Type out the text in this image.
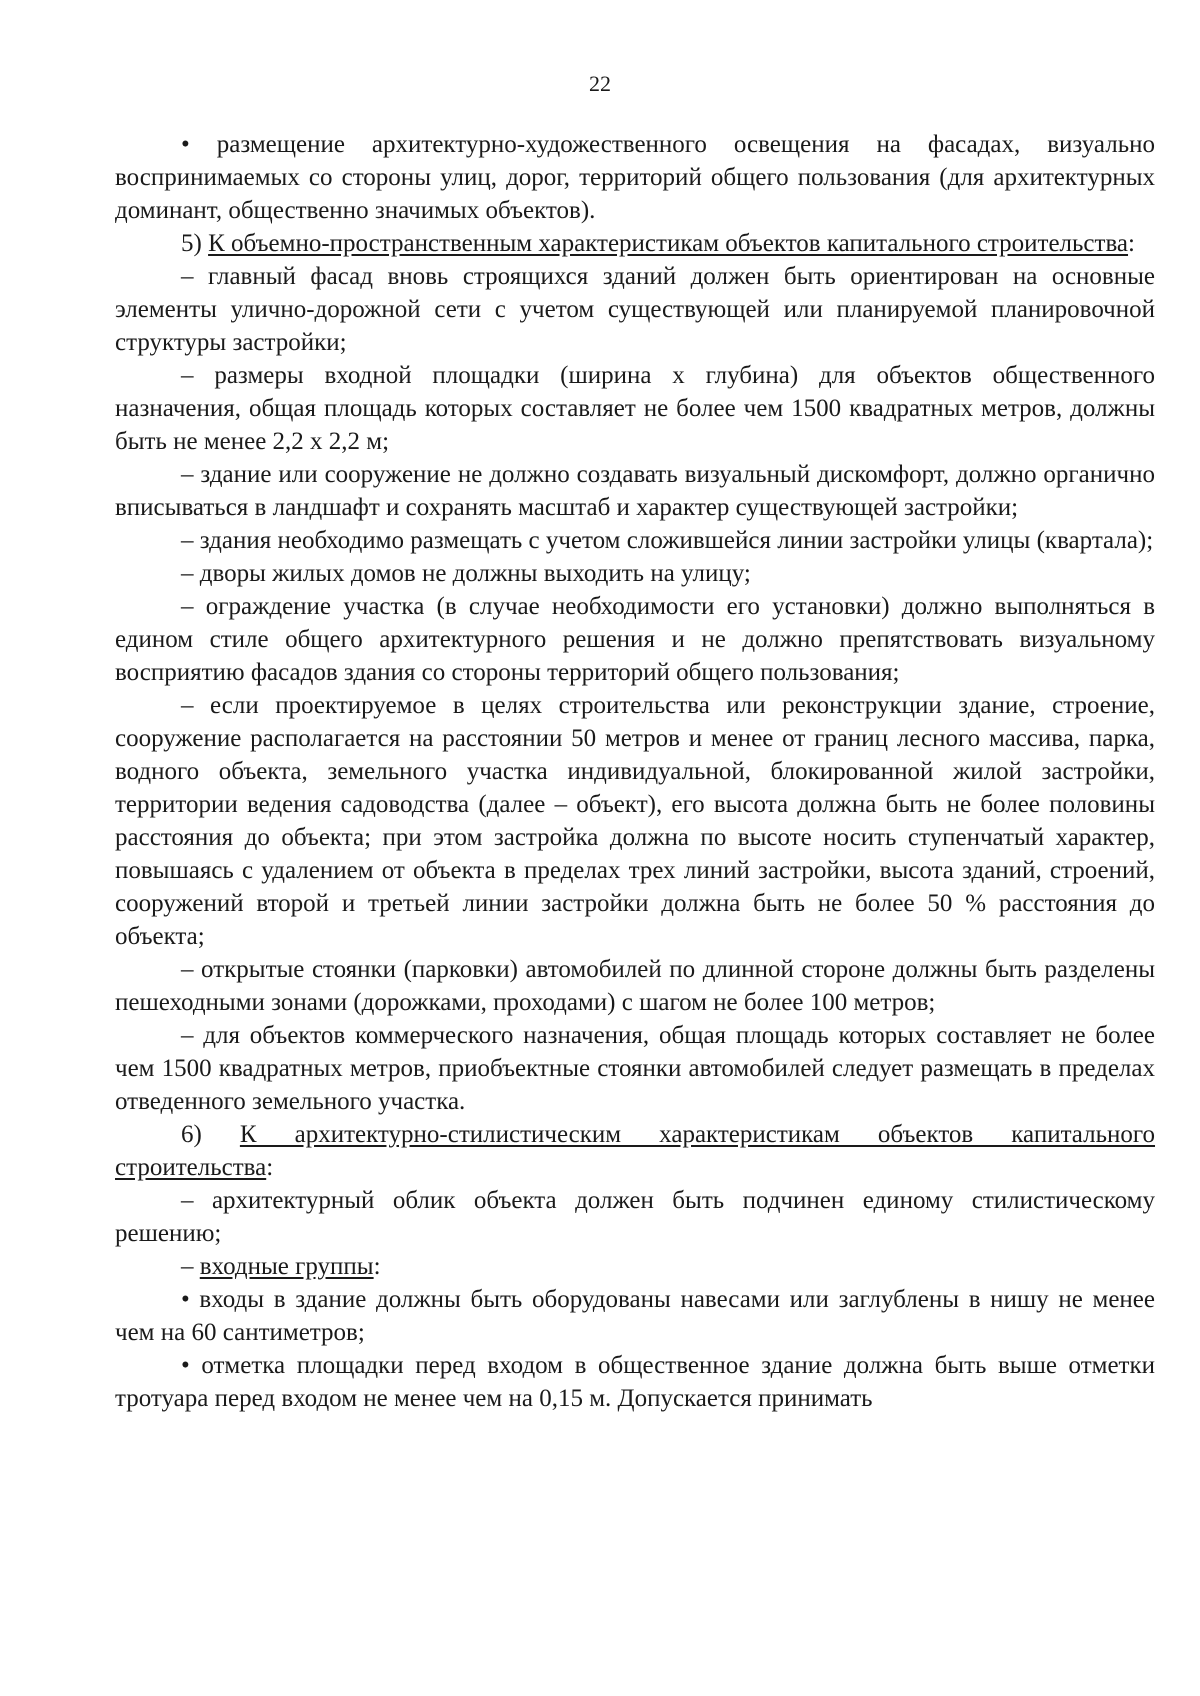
22

• размещение архитектурно-художественного освещения на фасадах, визуально воспринимаемых со стороны улиц, дорог, территорий общего пользования (для архитектурных доминант, общественно значимых объектов).

5) К объемно-пространственным характеристикам объектов капитального строительства:

– главный фасад вновь строящихся зданий должен быть ориентирован на основные элементы улично-дорожной сети с учетом существующей или планируемой планировочной структуры застройки;

– размеры входной площадки (ширина х глубина) для объектов общественного назначения, общая площадь которых составляет не более чем 1500 квадратных метров, должны быть не менее 2,2 х 2,2 м;

– здание или сооружение не должно создавать визуальный дискомфорт, должно органично вписываться в ландшафт и сохранять масштаб и характер существующей застройки;

– здания необходимо размещать с учетом сложившейся линии застройки улицы (квартала);

– дворы жилых домов не должны выходить на улицу;

– ограждение участка (в случае необходимости его установки) должно выполняться в едином стиле общего архитектурного решения и не должно препятствовать визуальному восприятию фасадов здания со стороны территорий общего пользования;

– если проектируемое в целях строительства или реконструкции здание, строение, сооружение располагается на расстоянии 50 метров и менее от границ лесного массива, парка, водного объекта, земельного участка индивидуальной, блокированной жилой застройки, территории ведения садоводства (далее – объект), его высота должна быть не более половины расстояния до объекта; при этом застройка должна по высоте носить ступенчатый характер, повышаясь с удалением от объекта в пределах трех линий застройки, высота зданий, строений, сооружений второй и третьей линии застройки должна быть не более 50 % расстояния до объекта;

– открытые стоянки (парковки) автомобилей по длинной стороне должны быть разделены пешеходными зонами (дорожками, проходами) с шагом не более 100 метров;

– для объектов коммерческого назначения, общая площадь которых составляет не более чем 1500 квадратных метров, приобъектные стоянки автомобилей следует размещать в пределах отведенного земельного участка.

6) К архитектурно-стилистическим характеристикам объектов капитального строительства:

– архитектурный облик объекта должен быть подчинен единому стилистическому решению;

– входные группы:

• входы в здание должны быть оборудованы навесами или заглублены в нишу не менее чем на 60 сантиметров;

• отметка площадки перед входом в общественное здание должна быть выше отметки тротуара перед входом не менее чем на 0,15 м. Допускается принимать
